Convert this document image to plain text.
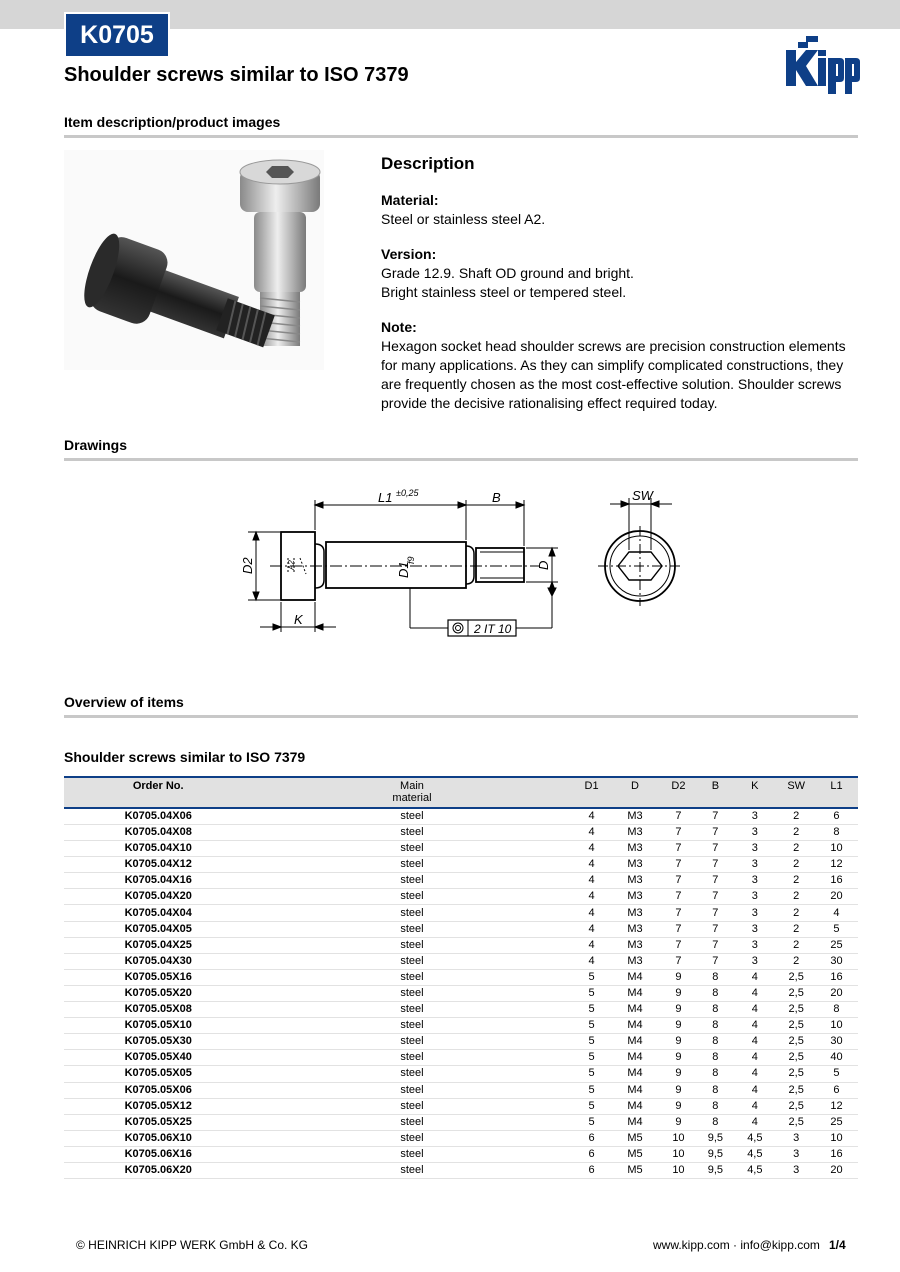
K0705
Shoulder screws similar to ISO 7379
Item description/product images
Description
Material:

Steel or stainless steel A2.

Version:

Grade 12.9. Shaft OD ground and bright.

Bright stainless steel or tempered steel.

Note:

Hexagon socket head shoulder screws are precision construction elements for many applications. As they can simplify complicated constructions, they are frequently chosen as the most cost-effective solution. Shoulder screws provide the decisive rationalising effect required today.

Drawings
L1 ±0,25	B	SW
D2	D1
f9
D
K
2 IT 10
A2
Overview of items
Shoulder screws similar to ISO 7379
Order No.	Main material	D1	D	D2	B	K	SW	L1
K0705.04X06	steel	4	M3	7	7	3	2	6
K0705.04X08	steel	4	M3	7	7	3	2	8
K0705.04X10	steel	4	M3	7	7	3	2	10
K0705.04X12	steel	4	M3	7	7	3	2	12
K0705.04X16	steel	4	M3	7	7	3	2	16
K0705.04X20	steel	4	M3	7	7	3	2	20
K0705.04X04	steel	4	M3	7	7	3	2	4
K0705.04X05	steel	4	M3	7	7	3	2	5
K0705.04X25	steel	4	M3	7	7	3	2	25
K0705.04X30	steel	4	M3	7	7	3	2	30
K0705.05X16	steel	5	M4	9	8	4	2,5	16
K0705.05X20	steel	5	M4	9	8	4	2,5	20
K0705.05X08	steel	5	M4	9	8	4	2,5	8
K0705.05X10	steel	5	M4	9	8	4	2,5	10
K0705.05X30	steel	5	M4	9	8	4	2,5	30
K0705.05X40	steel	5	M4	9	8	4	2,5	40
K0705.05X05	steel	5	M4	9	8	4	2,5	5
K0705.05X06	steel	5	M4	9	8	4	2,5	6
K0705.05X12	steel	5	M4	9	8	4	2,5	12
K0705.05X25	steel	5	M4	9	8	4	2,5	25
K0705.06X10	steel	6	M5	10	9,5	4,5	3	10
K0705.06X16	steel	6	M5	10	9,5	4,5	3	16
K0705.06X20	steel	6	M5	10	9,5	4,5	3	20
© HEINRICH KIPP WERK GmbH & Co. KG	www.kipp.com · info@kipp.com 1/4
